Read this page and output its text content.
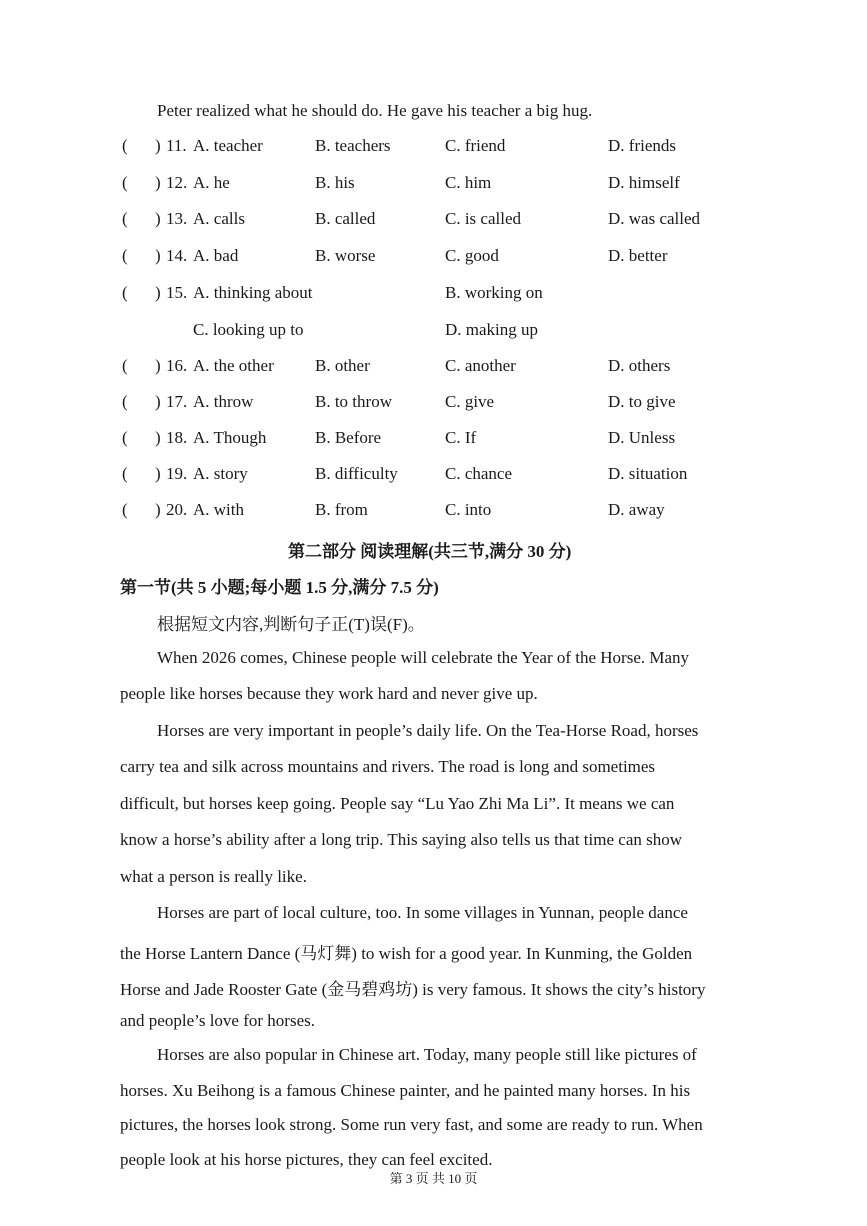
Peter realized what he should do. He gave his teacher a big hug.
( ) 11. A. teacher	B. teachers	C. friend	D. friends
( ) 12. A. he	B. his	C. him	D. himself
( ) 13. A. calls	B. called	C. is called	D. was called
( ) 14. A. bad	B. worse	C. good	D. better
( ) 15. A. thinking about	B. working on
C. looking up to	D. making up
( ) 16. A. the other B. other	C. another	D. others
( ) 17. A. throw	B. to throw	C. give	D. to give
( ) 18. A. Though	B. Before	C. If	D. Unless
( ) 19. A. story	B. difficulty	C. chance	D. situation
( ) 20. A. with	B. from	C. into	D. away
第二部分 阅读理解(共三节,满分 30 分)
第一节(共 5 小题;每小题 1.5 分,满分 7.5 分)
根据短文内容,判断句子正(T)误(F)。
When 2026 comes, Chinese people will celebrate the Year of the Horse. Many
people like horses because they work hard and never give up.
Horses are very important in people’s daily life. On the Tea-Horse Road, horses
carry tea and silk across mountains and rivers. The road is long and sometimes
difficult, but horses keep going. People say “Lu Yao Zhi Ma Li”. It means we can
know a horse’s ability after a long trip. This saying also tells us that time can show
what a person is really like.
Horses are part of local culture, too. In some villages in Yunnan, people dance
the Horse Lantern Dance (马灯舞) to wish for a good year. In Kunming, the Golden
Horse and Jade Rooster Gate (金马碧鸡坊) is very famous. It shows the city’s history
and people’s love for horses.
Horses are also popular in Chinese art. Today, many people still like pictures of
horses. Xu Beihong is a famous Chinese painter, and he painted many horses. In his
pictures, the horses look strong. Some run very fast, and some are ready to run. When
people look at his horse pictures, they can feel excited.
第 3 页 共 10 页
